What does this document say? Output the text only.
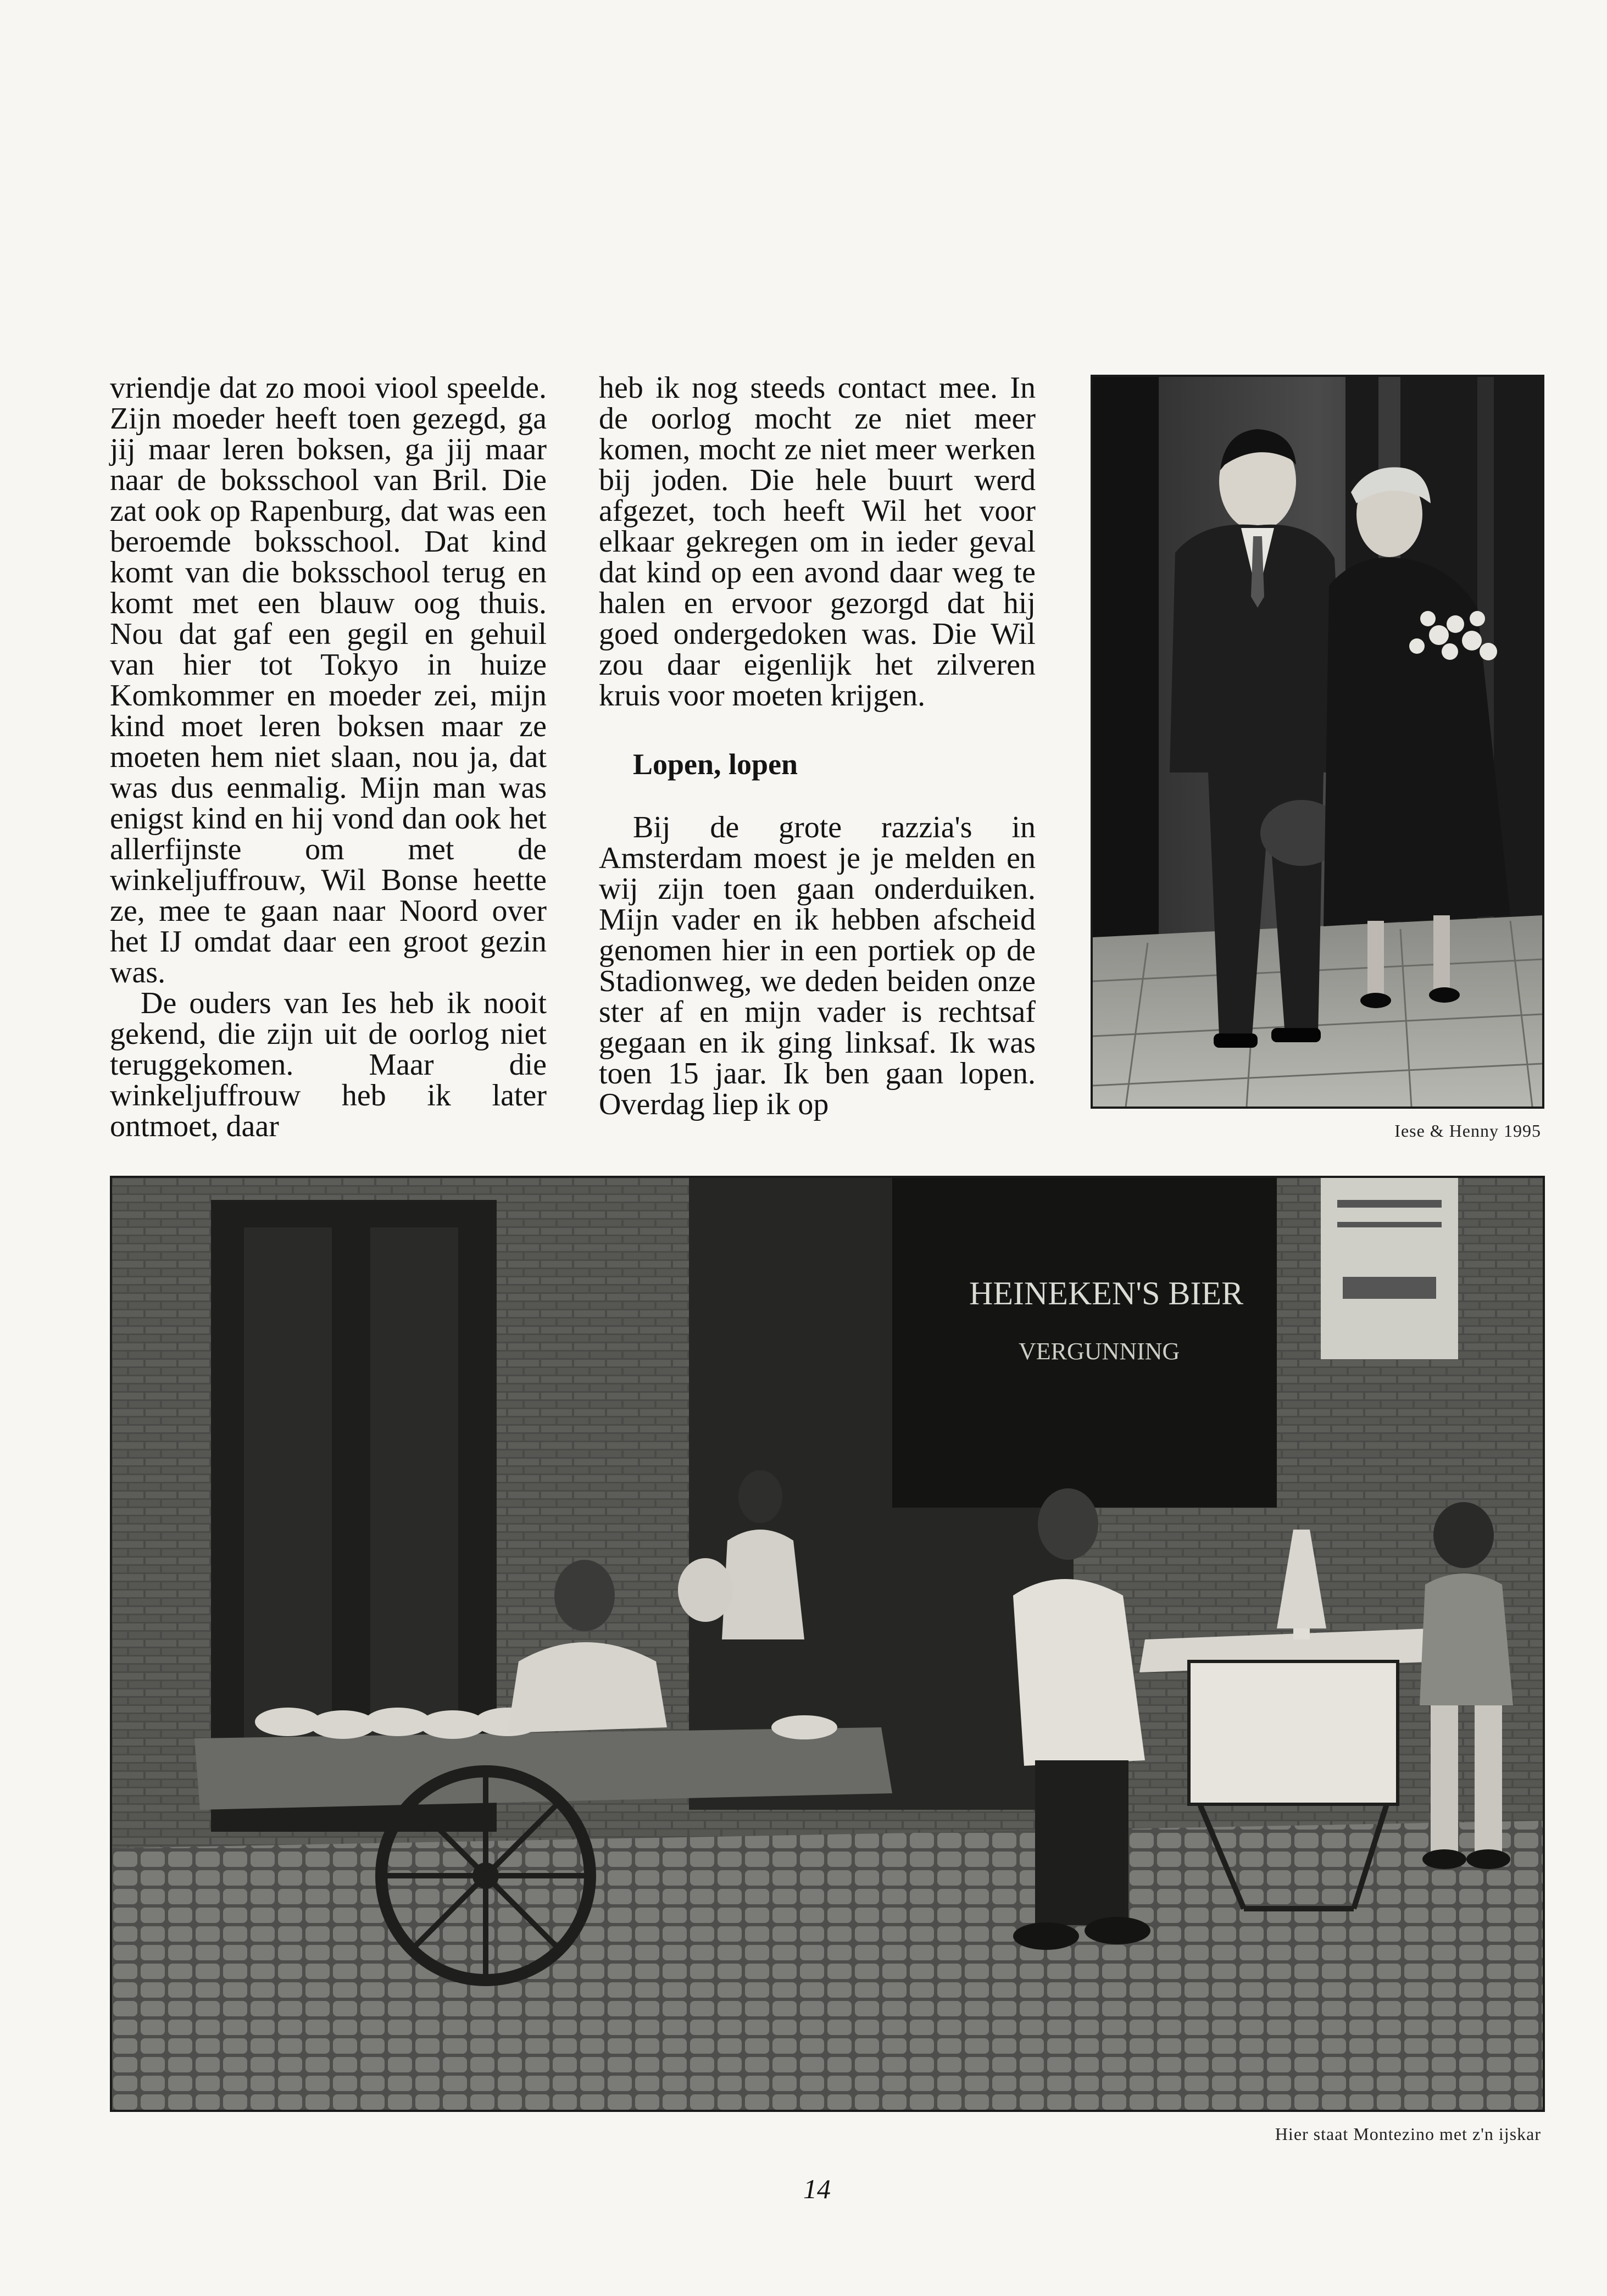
vriendje dat zo mooi viool speelde. Zijn moeder heeft toen gezegd, ga jij maar leren boksen, ga jij maar naar de boksschool van Bril. Die zat ook op Rapenburg, dat was een beroemde boksschool. Dat kind komt van die boksschool terug en komt met een blauw oog thuis. Nou dat gaf een gegil en gehuil van hier tot Tokyo in huize Komkommer en moeder zei, mijn kind moet leren boksen maar ze moeten hem niet slaan, nou ja, dat was dus eenmalig. Mijn man was enigst kind en hij vond dan ook het allerfijnste om met de winkeljuffrouw, Wil Bonse heette ze, mee te gaan naar Noord over het IJ omdat daar een groot gezin was.

De ouders van Ies heb ik nooit gekend, die zijn uit de oorlog niet teruggekomen. Maar die winkeljuffrouw heb ik later ontmoet, daar

heb ik nog steeds contact mee. In de oorlog mocht ze niet meer komen, mocht ze niet meer werken bij joden. Die hele buurt werd afgezet, toch heeft Wil het voor elkaar gekregen om in ieder geval dat kind op een avond daar weg te halen en ervoor gezorgd dat hij goed ondergedoken was. Die Wil zou daar eigenlijk het zilveren kruis voor moeten krijgen.

Lopen, lopen

Bij de grote razzia's in Amsterdam moest je je melden en wij zijn toen gaan onderduiken. Mijn vader en ik hebben afscheid genomen hier in een portiek op de Stadionweg, we deden beiden onze ster af en mijn vader is rechtsaf gegaan en ik ging linksaf. Ik was toen 15 jaar. Ik ben gaan lopen. Overdag liep ik op

Iese & Henny 1995
HEINEKEN'S BIER
VERGUNNING
Hier staat Montezino met z'n ijskar
14
